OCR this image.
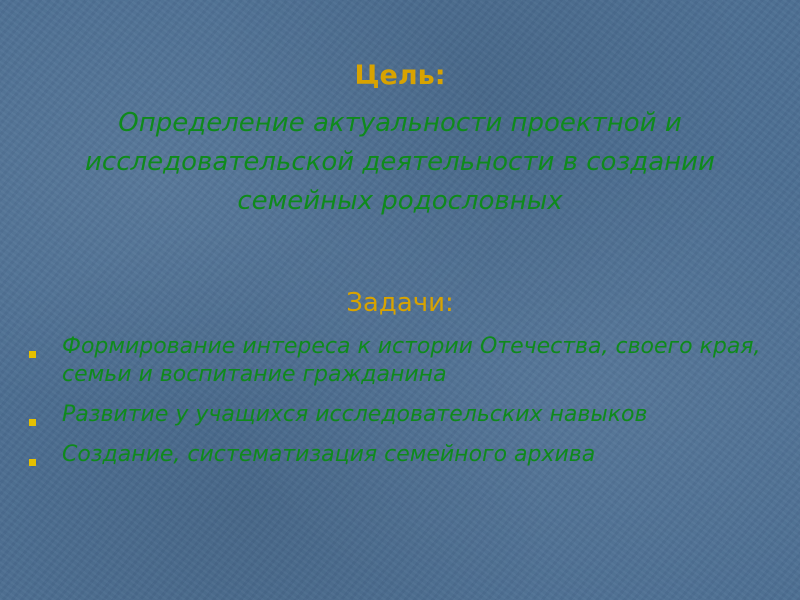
Цель:

Определение актуальности проектной и исследовательской деятельности в создании семейных родословных

Задачи:

Формирование интереса к истории Отечества, своего края, семьи и воспитание гражданина
Развитие у учащихся исследовательских навыков
Создание, систематизация семейного архива
